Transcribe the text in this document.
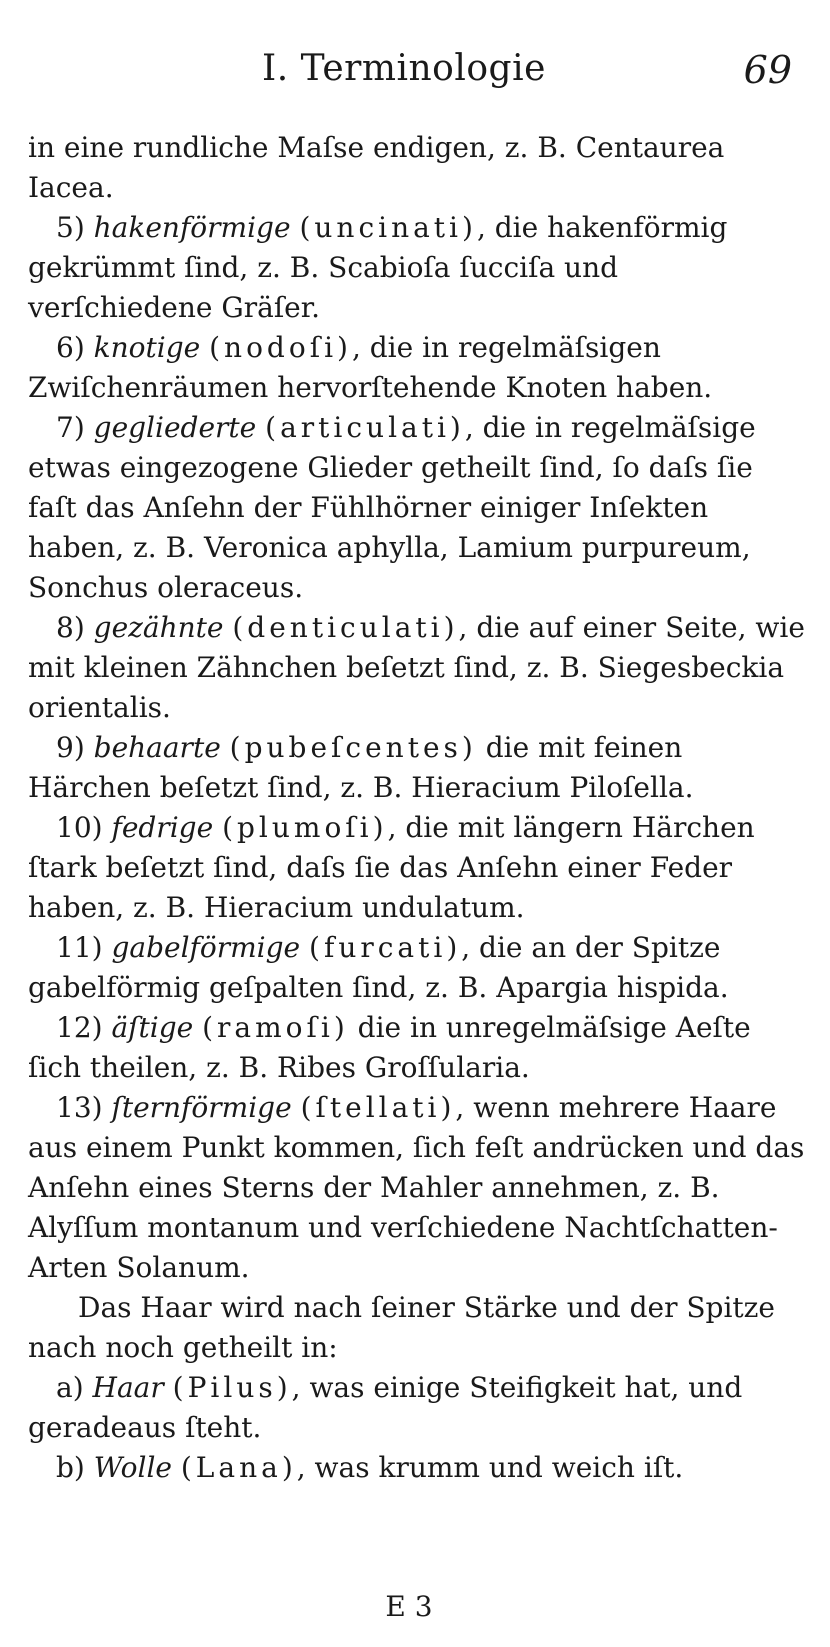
I. Terminologie	69

in eine rundliche Maſse endigen, z. B. Centaurea Iacea.

5) hakenförmige (uncinati), die hakenförmig gekrümmt ſind, z. B. Scabioſa ſucciſa und verſchiedene Gräſer.

6) knotige (nodoſi), die in regelmäſsigen Zwiſchenräumen hervorſtehende Knoten haben.

7) gegliederte (articulati), die in regelmäſsige etwas eingezogene Glieder getheilt ſind, ſo daſs ſie faſt das Anſehn der Fühlhörner einiger Inſekten haben, z. B. Veronica aphylla, Lamium purpureum, Sonchus oleraceus.

8) gezähnte (denticulati), die auf einer Seite, wie mit kleinen Zähnchen beſetzt ſind, z. B. Siegesbeckia orientalis.

9) behaarte (pubeſcentes) die mit feinen Härchen beſetzt ſind, z. B. Hieracium Piloſella.

10) fedrige (plumoſi), die mit längern Härchen ſtark beſetzt ſind, daſs ſie das Anſehn einer Feder haben, z. B. Hieracium undulatum.

11) gabelförmige (furcati), die an der Spitze gabelförmig geſpalten ſind, z. B. Apargia hispida.

12) äſtige (ramoſi) die in unregelmäſsige Aeſte ſich theilen, z. B. Ribes Groſſularia.

13) ſternförmige (ſtellati), wenn mehrere Haare aus einem Punkt kommen, ſich feſt andrücken und das Anſehn eines Sterns der Mahler annehmen, z. B. Alyſſum montanum und verſchiedene Nachtſchatten-Arten Solanum.

Das Haar wird nach ſeiner Stärke und der Spitze nach noch getheilt in:

a) Haar (Pilus), was einige Steifigkeit hat, und geradeaus ſteht.

b) Wolle (Lana), was krumm und weich iſt.

E 3
